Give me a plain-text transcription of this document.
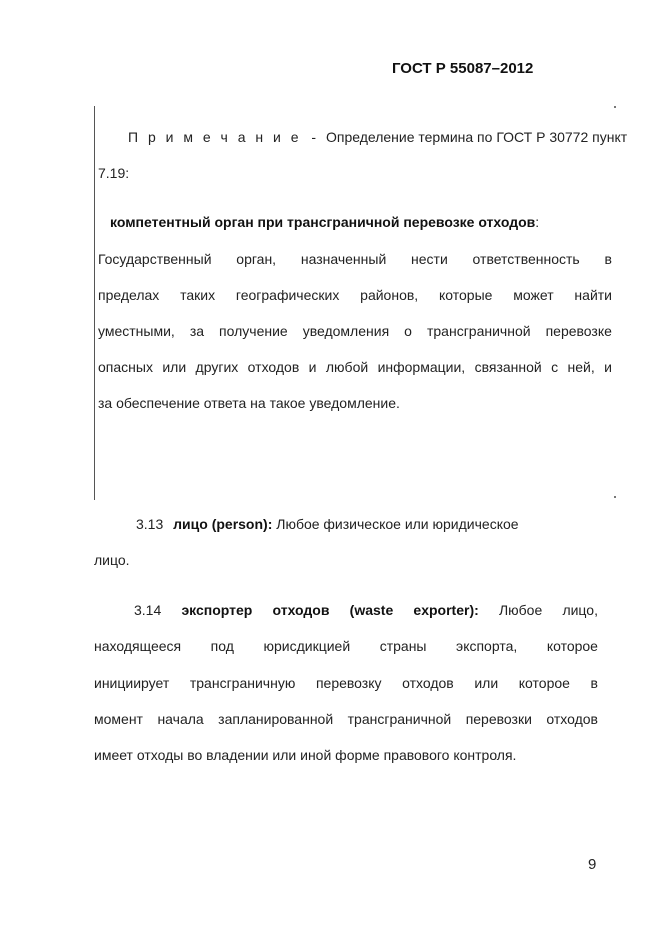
ГОСТ Р 55087–2012
П р и м е ч а н и е - Определение термина по ГОСТ Р 30772 пункт
7.19:
компетентный орган при трансграничной перевозке отходов:
Государственный орган, назначенный нести ответственность в
пределах таких географических районов, которые может найти
уместными, за получение уведомления о трансграничной перевозке
опасных или других отходов и любой информации, связанной с ней, и
за обеспечение ответа на такое уведомление.
3.13 лицо (person): Любое физическое или юридическое
лицо.
3.14 экспортер отходов (waste exporter): Любое лицо,
находящееся под юрисдикцией страны экспорта, которое
инициирует трансграничную перевозку отходов или которое в
момент начала запланированной трансграничной перевозки отходов
имеет отходы во владении или иной форме правового контроля.
9
